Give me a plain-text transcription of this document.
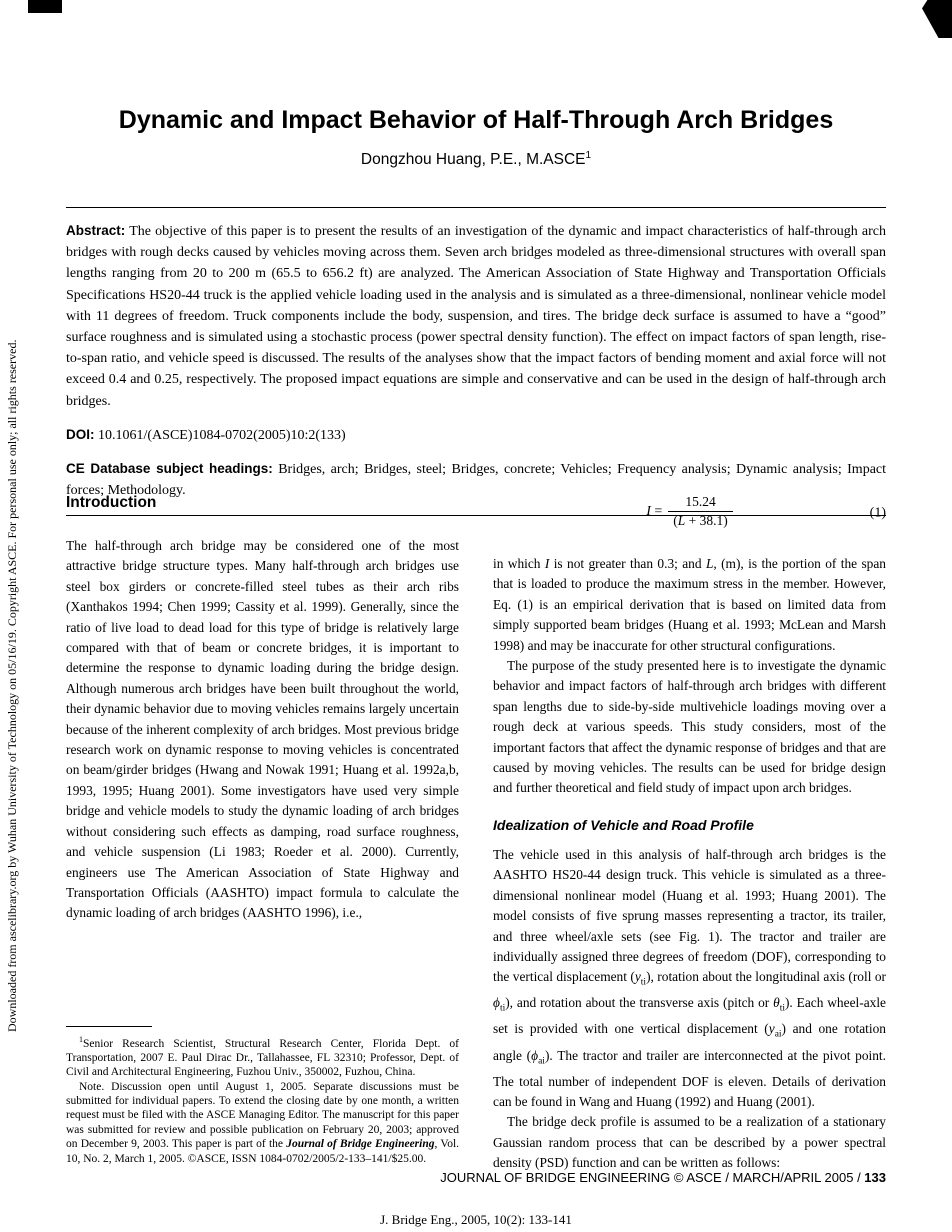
Downloaded from ascelibrary.org by Wuhan University of Technology on 05/16/19. Copyright ASCE. For personal use only; all rights reserved.
Dynamic and Impact Behavior of Half-Through Arch Bridges
Dongzhou Huang, P.E., M.ASCE$^1$

Abstract: The objective of this paper is to present the results of an investigation of the dynamic and impact characteristics of half-through arch bridges with rough decks caused by vehicles moving across them. Seven arch bridges modeled as three-dimensional structures with overall span lengths ranging from 20 to 200 m (65.5 to 656.2 ft) are analyzed. The American Association of State Highway and Transportation Officials Specifications HS20-44 truck is the applied vehicle loading used in the analysis and is simulated as a three-dimensional, nonlinear vehicle model with 11 degrees of freedom. Truck components include the body, suspension, and tires. The bridge deck surface is assumed to have a “good” surface roughness and is simulated using a stochastic process (power spectral density function). The effect on impact factors of span length, rise-to-span ratio, and vehicle speed is discussed. The results of the analyses show that the impact factors of bending moment and axial force will not exceed 0.4 and 0.25, respectively. The proposed impact equations are simple and conservative and can be used in the design of half-through arch bridges.

DOI: 10.1061/(ASCE)1084-0702(2005)10:2(133)

CE Database subject headings: Bridges, arch; Bridges, steel; Bridges, concrete; Vehicles; Frequency analysis; Dynamic analysis; Impact forces; Methodology.

Introduction

The half-through arch bridge may be considered one of the most attractive bridge structure types. Many half-through arch bridges use steel box girders or concrete-filled steel tubes as their arch ribs (Xanthakos 1994; Chen 1999; Cassity et al. 1999). Generally, since the ratio of live load to dead load for this type of bridge is relatively large compared with that of beam or concrete bridges, it is important to determine the response to dynamic loading during the bridge design. Although numerous arch bridges have been built throughout the world, their dynamic behavior due to moving vehicles remains largely uncertain because of the inherent complexity of arch bridges. Most previous bridge research work on dynamic response to moving vehicles is concentrated on beam/girder bridges (Hwang and Nowak 1991; Huang et al. 1992a,b, 1993, 1995; Huang 2001). Some investigators have used very simple bridge and vehicle models to study the dynamic loading of arch bridges without considering such effects as damping, road surface roughness, and vehicle suspension (Li 1983; Roeder et al. 2000). Currently, engineers use The American Association of State Highway and Transportation Officials (AASHTO) impact formula to calculate the dynamic loading of arch bridges (AASHTO 1996), i.e.,

$^1$Senior Research Scientist, Structural Research Center, Florida Dept. of Transportation, 2007 E. Paul Dirac Dr., Tallahassee, FL 32310; Professor, Dept. of Civil and Architectural Engineering, Fuzhou Univ., 350002, Fuzhou, China.

Note. Discussion open until August 1, 2005. Separate discussions must be submitted for individual papers. To extend the closing date by one month, a written request must be filed with the ASCE Managing Editor. The manuscript for this paper was submitted for review and possible publication on February 20, 2003; approved on December 9, 2003. This paper is part of the Journal of Bridge Engineering, Vol. 10, No. 2, March 1, 2005. ©ASCE, ISSN 1084-0702/2005/2-133–141/$25.00.

$I = \frac{15.24}{(L + 38.1)}$	(1)

in which I is not greater than 0.3; and L, (m), is the portion of the span that is loaded to produce the maximum stress in the member. However, Eq. (1) is an empirical derivation that is based on limited data from simply supported beam bridges (Huang et al. 1993; McLean and Marsh 1998) and may be inaccurate for other structural configurations.

The purpose of the study presented here is to investigate the dynamic behavior and impact factors of half-through arch bridges with different span lengths due to side-by-side multivehicle loadings moving over a rough deck at various speeds. This study considers, most of the important factors that affect the dynamic response of bridges and that are caused by moving vehicles. The results can be used for bridge design and further theoretical and field study of impact upon arch bridges.

Idealization of Vehicle and Road Profile

The vehicle used in this analysis of half-through arch bridges is the AASHTO HS20-44 design truck. This vehicle is simulated as a three-dimensional nonlinear model (Huang et al. 1993; Huang 2001). The model consists of five sprung masses representing a tractor, its trailer, and three wheel/axle sets (see Fig. 1). The tractor and trailer are individually assigned three degrees of freedom (DOF), corresponding to the vertical displacement $(y_{ti})$, rotation about the longitudinal axis (roll or $\phi_{ti}$), and rotation about the transverse axis (pitch or $\theta_{ti}$). Each wheel-axle set is provided with one vertical displacement $(y_{ai})$ and one rotation angle $(\phi_{ai})$. The tractor and trailer are interconnected at the pivot point. The total number of independent DOF is eleven. Details of derivation can be found in Wang and Huang (1992) and Huang (2001).

The bridge deck profile is assumed to be a realization of a stationary Gaussian random process that can be described by a power spectral density (PSD) function and can be written as follows:

JOURNAL OF BRIDGE ENGINEERING © ASCE / MARCH/APRIL 2005 / 133
J. Bridge Eng., 2005, 10(2): 133-141
